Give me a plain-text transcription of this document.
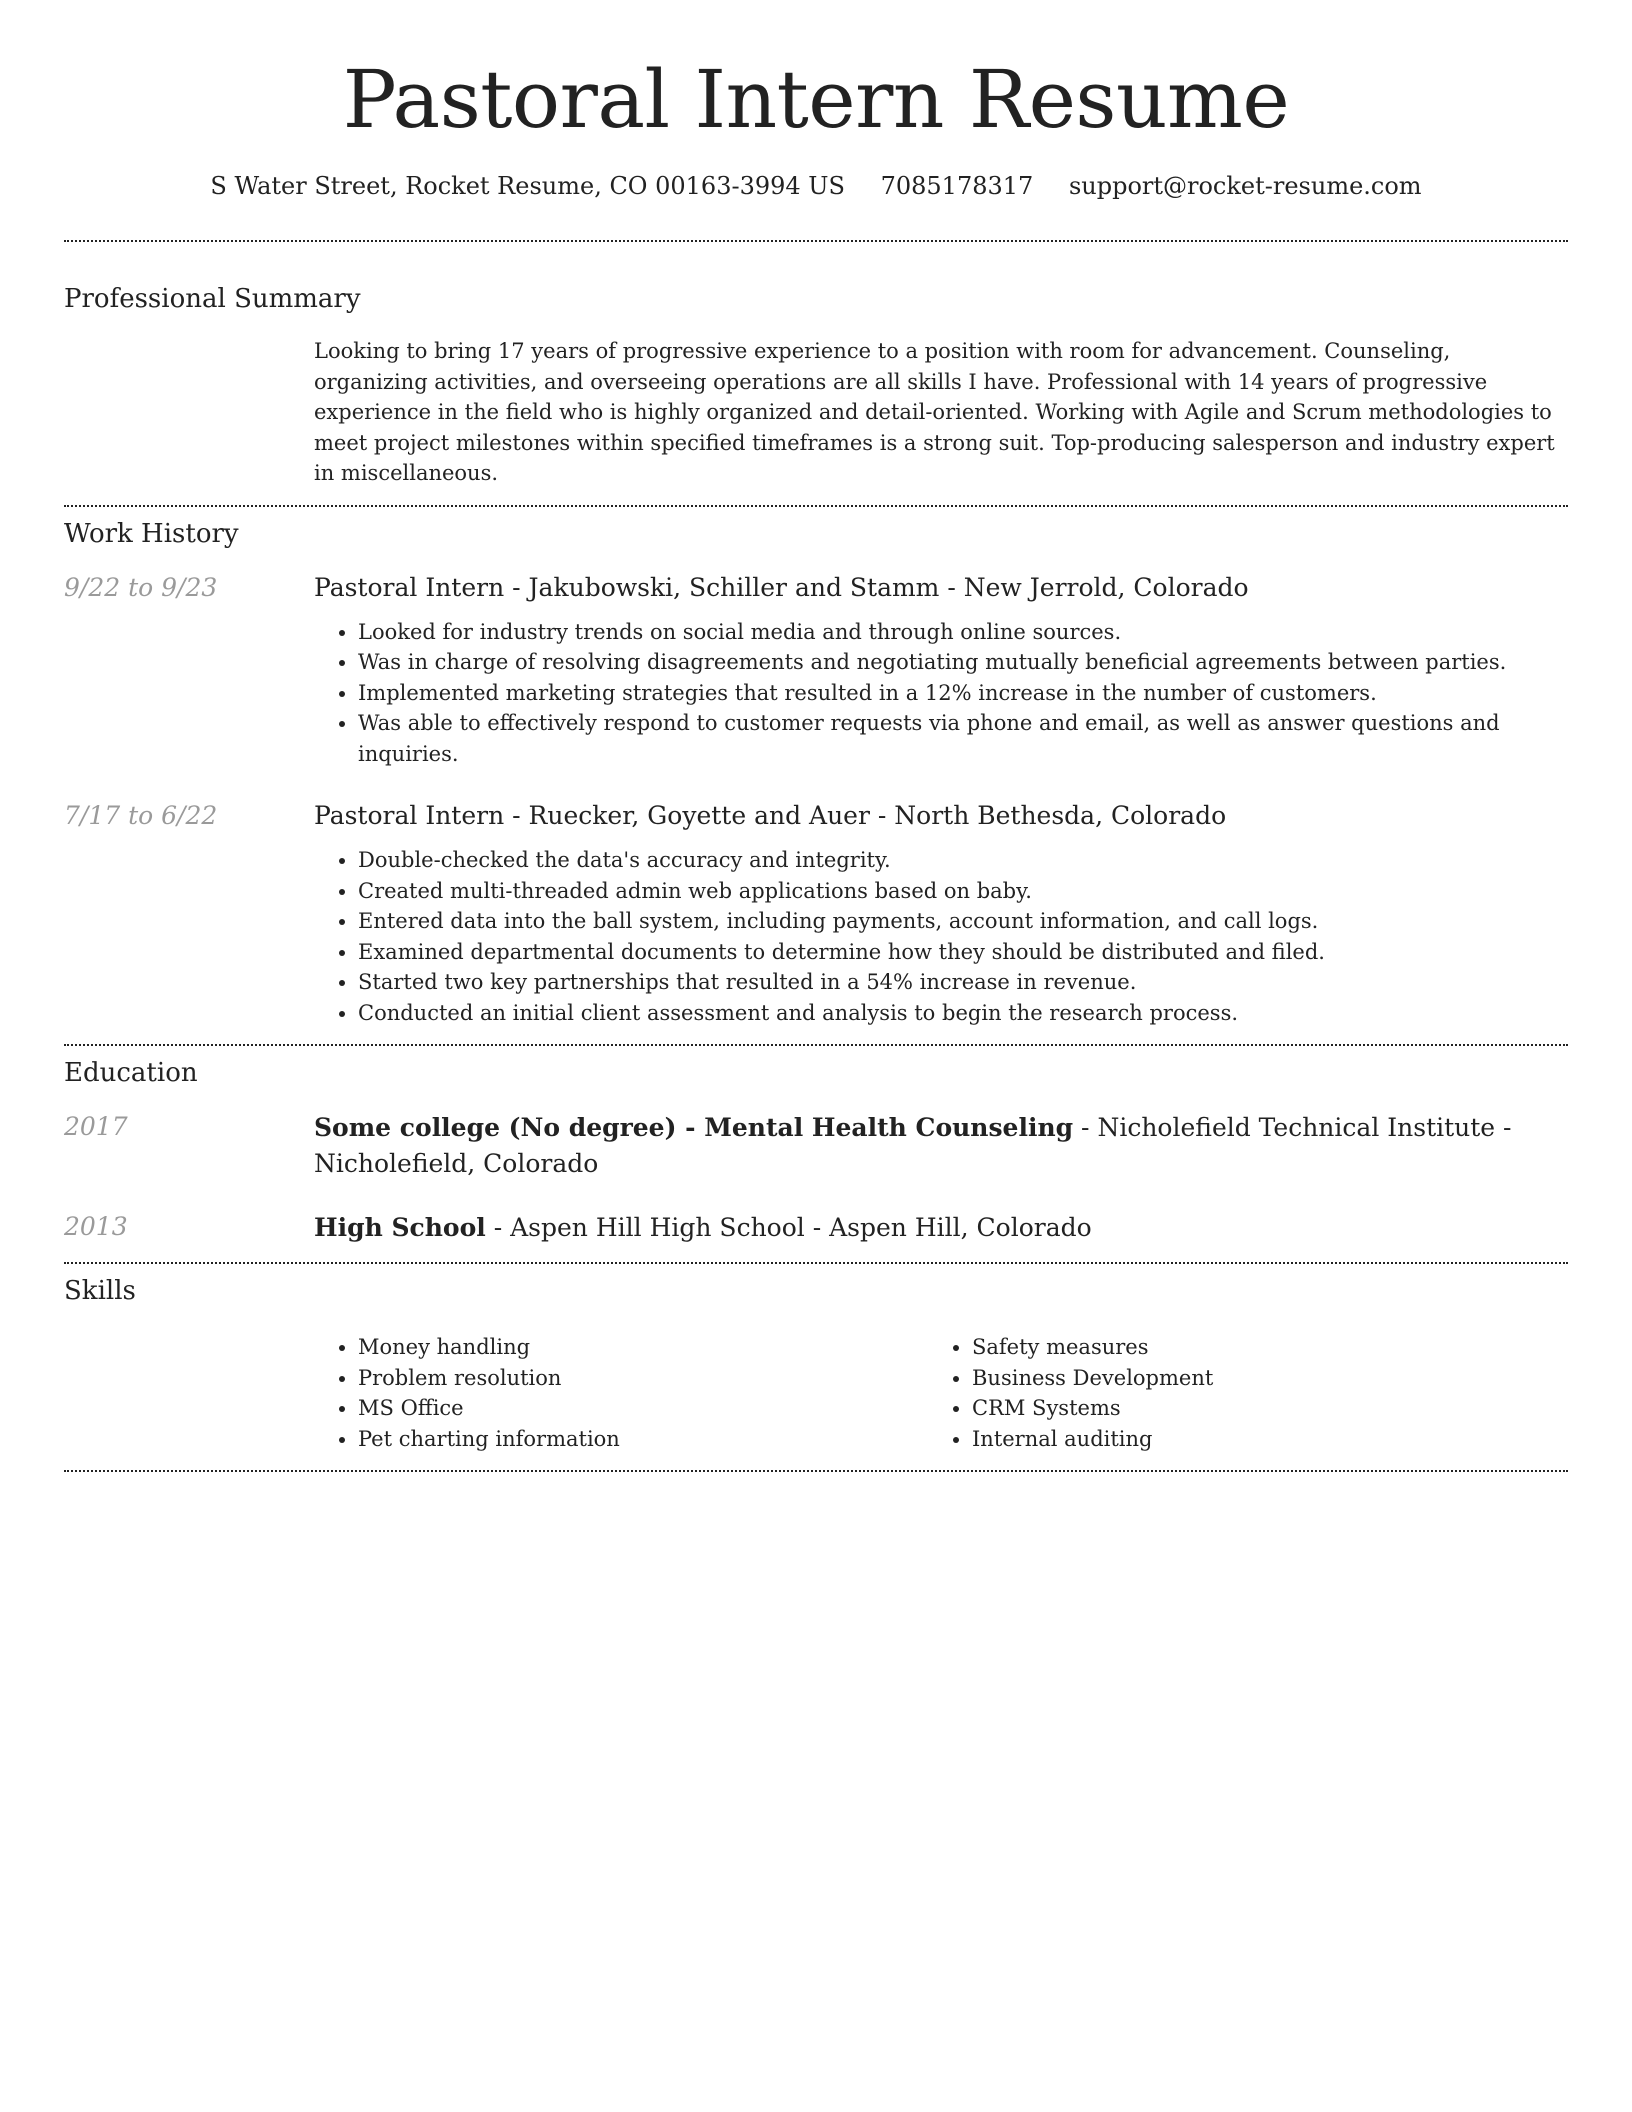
Pastoral Intern Resume
S Water Street, Rocket Resume, CO 00163-3994 US 7085178317 support@rocket-resume.com
Professional Summary
Looking to bring 17 years of progressive experience to a position with room for advancement. Counseling, organizing activities, and overseeing operations are all skills I have. Professional with 14 years of progressive experience in the field who is highly organized and detail-oriented. Working with Agile and Scrum methodologies to meet project milestones within specified timeframes is a strong suit. Top-producing salesperson and industry expert in miscellaneous.
Work History
9/22 to 9/23	Pastoral Intern - Jakubowski, Schiller and Stamm - New Jerrold, Colorado
• Looked for industry trends on social media and through online sources.
• Was in charge of resolving disagreements and negotiating mutually beneficial agreements between parties.
• Implemented marketing strategies that resulted in a 12% increase in the number of customers.
• Was able to effectively respond to customer requests via phone and email, as well as answer questions and inquiries.
7/17 to 6/22	Pastoral Intern - Ruecker, Goyette and Auer - North Bethesda, Colorado
• Double-checked the data's accuracy and integrity.
• Created multi-threaded admin web applications based on baby.
• Entered data into the ball system, including payments, account information, and call logs.
• Examined departmental documents to determine how they should be distributed and filed.
• Started two key partnerships that resulted in a 54% increase in revenue.
• Conducted an initial client assessment and analysis to begin the research process.
Education
2017	Some college (No degree) - Mental Health Counseling - Nicholefield Technical Institute - Nicholefield, Colorado
2013	High School - Aspen Hill High School - Aspen Hill, Colorado
Skills
• Money handling
• Problem resolution
• MS Office
• Pet charting information
• Safety measures
• Business Development
• CRM Systems
• Internal auditing
